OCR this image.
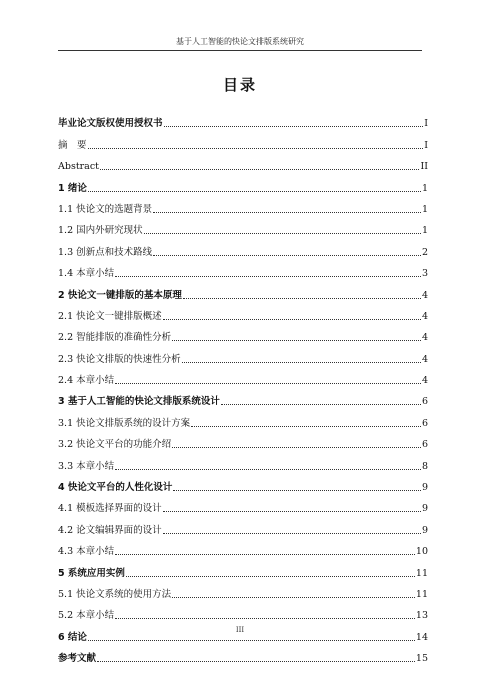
基于人工智能的快论文排版系统研究
目录
毕业论文版权使用授权书	I
摘　要	I
Abstract	II
1 绪论	1
1.1 快论文的选题背景	1
1.2 国内外研究现状	1
1.3 创新点和技术路线	2
1.4 本章小结	3
2 快论文一键排版的基本原理	4
2.1 快论文一键排版概述	4
2.2 智能排版的准确性分析	4
2.3 快论文排版的快速性分析	4
2.4 本章小结	4
3 基于人工智能的快论文排版系统设计	6
3.1 快论文排版系统的设计方案	6
3.2 快论文平台的功能介绍	6
3.3 本章小结	8
4 快论文平台的人性化设计	9
4.1 模板选择界面的设计	9
4.2 论文编辑界面的设计	9
4.3 本章小结	10
5 系统应用实例	11
5.1 快论文系统的使用方法	11
5.2 本章小结	13
6 结论	14
参考文献	15
III
